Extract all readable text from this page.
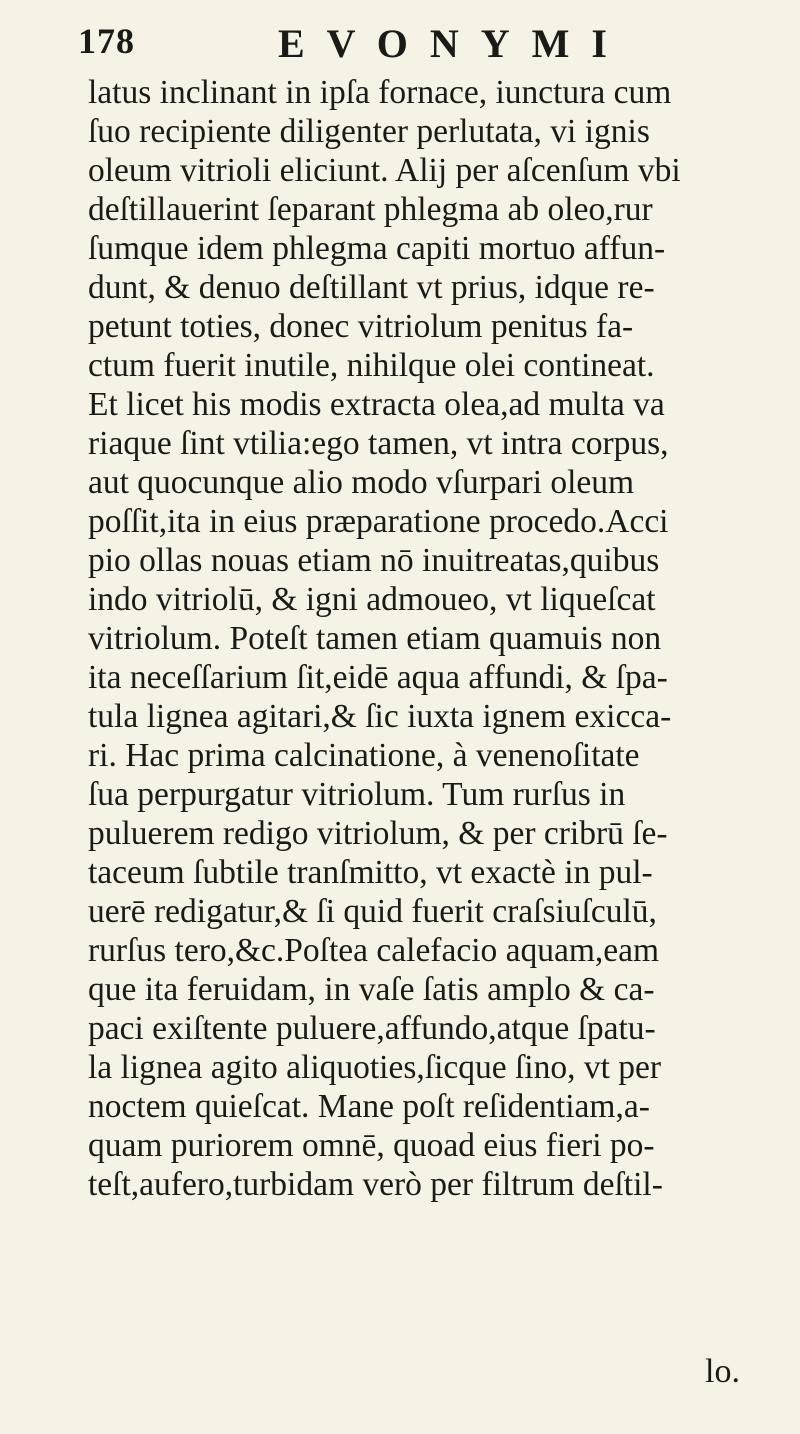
178	EVONYMI
latus inclinant in ipſa fornace, iunctura cum
ſuo recipiente diligenter perlutata, vi ignis
oleum vitrioli eliciunt. Alij per aſcenſum vbi
deſtillauerint ſeparant phlegma ab oleo,rur
ſumque idem phlegma capiti mortuo affun-
dunt, & denuo deſtillant vt prius, idque re-
petunt toties, donec vitriolum penitus fa-
ctum fuerit inutile, nihilque olei contineat.
Et licet his modis extracta olea,ad multa va
riaque ſint vtilia:ego tamen, vt intra corpus,
aut quocunque alio modo vſurpari oleum
poſſit,ita in eius præparatione procedo.Acci
pio ollas nouas etiam nō inuitreatas,quibus
indo vitriolū, & igni admoueo, vt liqueſcat
vitriolum. Poteſt tamen etiam quamuis non
ita neceſſarium ſit,eidē aqua affundi, & ſpa-
tula lignea agitari,& ſic iuxta ignem exicca-
ri. Hac prima calcinatione, à venenoſitate
ſua perpurgatur vitriolum. Tum rurſus in
puluerem redigo vitriolum, & per cribrū ſe-
taceum ſubtile tranſmitto, vt exactè in pul-
uerē redigatur,& ſi quid fuerit craſsiuſculū,
rurſus tero,&c.Poſtea calefacio aquam,eam
que ita feruidam, in vaſe ſatis amplo & ca-
paci exiſtente puluere,affundo,atque ſpatu-
la lignea agito aliquoties,ſicque ſino, vt per
noctem quieſcat. Mane poſt reſidentiam,a-
quam puriorem omnē, quoad eius fieri po-
teſt,aufero,turbidam verò per filtrum deſtil-
lo.
